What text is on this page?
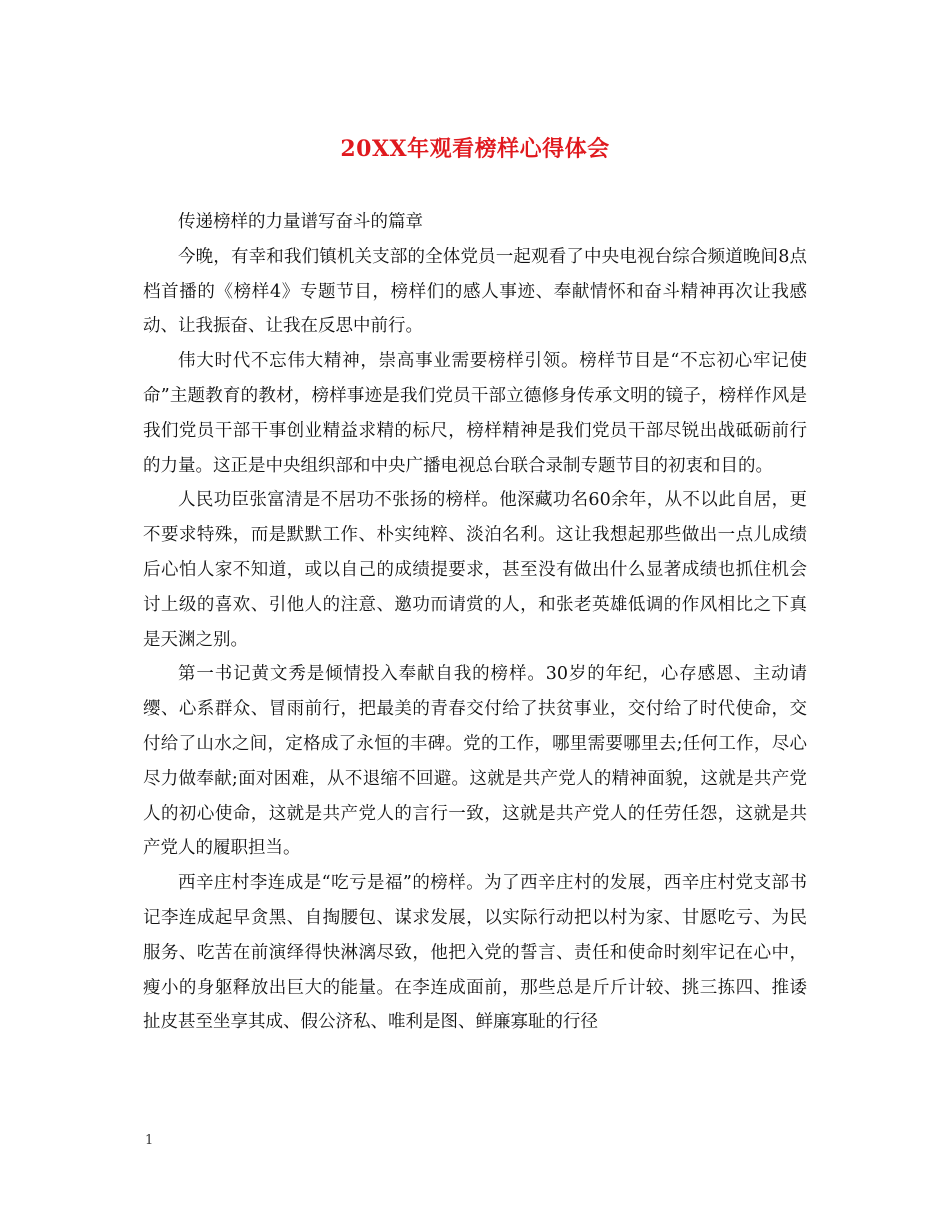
20XX年观看榜样心得体会

传递榜样的力量谱写奋斗的篇章

今晚，有幸和我们镇机关支部的全体党员一起观看了中央电视台综合频道晚间8点档首播的《榜样4》专题节目，榜样们的感人事迹、奉献情怀和奋斗精神再次让我感动、让我振奋、让我在反思中前行。

伟大时代不忘伟大精神，崇高事业需要榜样引领。榜样节目是“不忘初心牢记使命”主题教育的教材，榜样事迹是我们党员干部立德修身传承文明的镜子，榜样作风是我们党员干部干事创业精益求精的标尺，榜样精神是我们党员干部尽锐出战砥砺前行的力量。这正是中央组织部和中央广播电视总台联合录制专题节目的初衷和目的。

人民功臣张富清是不居功不张扬的榜样。他深藏功名60余年，从不以此自居，更不要求特殊，而是默默工作、朴实纯粹、淡泊名利。这让我想起那些做出一点儿成绩后心怕人家不知道，或以自己的成绩提要求，甚至没有做出什么显著成绩也抓住机会讨上级的喜欢、引他人的注意、邀功而请赏的人，和张老英雄低调的作风相比之下真是天渊之别。

第一书记黄文秀是倾情投入奉献自我的榜样。30岁的年纪，心存感恩、主动请缨、心系群众、冒雨前行，把最美的青春交付给了扶贫事业，交付给了时代使命，交付给了山水之间，定格成了永恒的丰碑。党的工作，哪里需要哪里去;任何工作，尽心尽力做奉献;面对困难，从不退缩不回避。这就是共产党人的精神面貌，这就是共产党人的初心使命，这就是共产党人的言行一致，这就是共产党人的任劳任怨，这就是共产党人的履职担当。

西辛庄村李连成是“吃亏是福”的榜样。为了西辛庄村的发展，西辛庄村党支部书记李连成起早贪黑、自掏腰包、谋求发展，以实际行动把以村为家、甘愿吃亏、为民服务、吃苦在前演绎得快淋漓尽致，他把入党的誓言、责任和使命时刻牢记在心中，瘦小的身躯释放出巨大的能量。在李连成面前，那些总是斤斤计较、挑三拣四、推诿扯皮甚至坐享其成、假公济私、唯利是图、鲜廉寡耻的行径

1
